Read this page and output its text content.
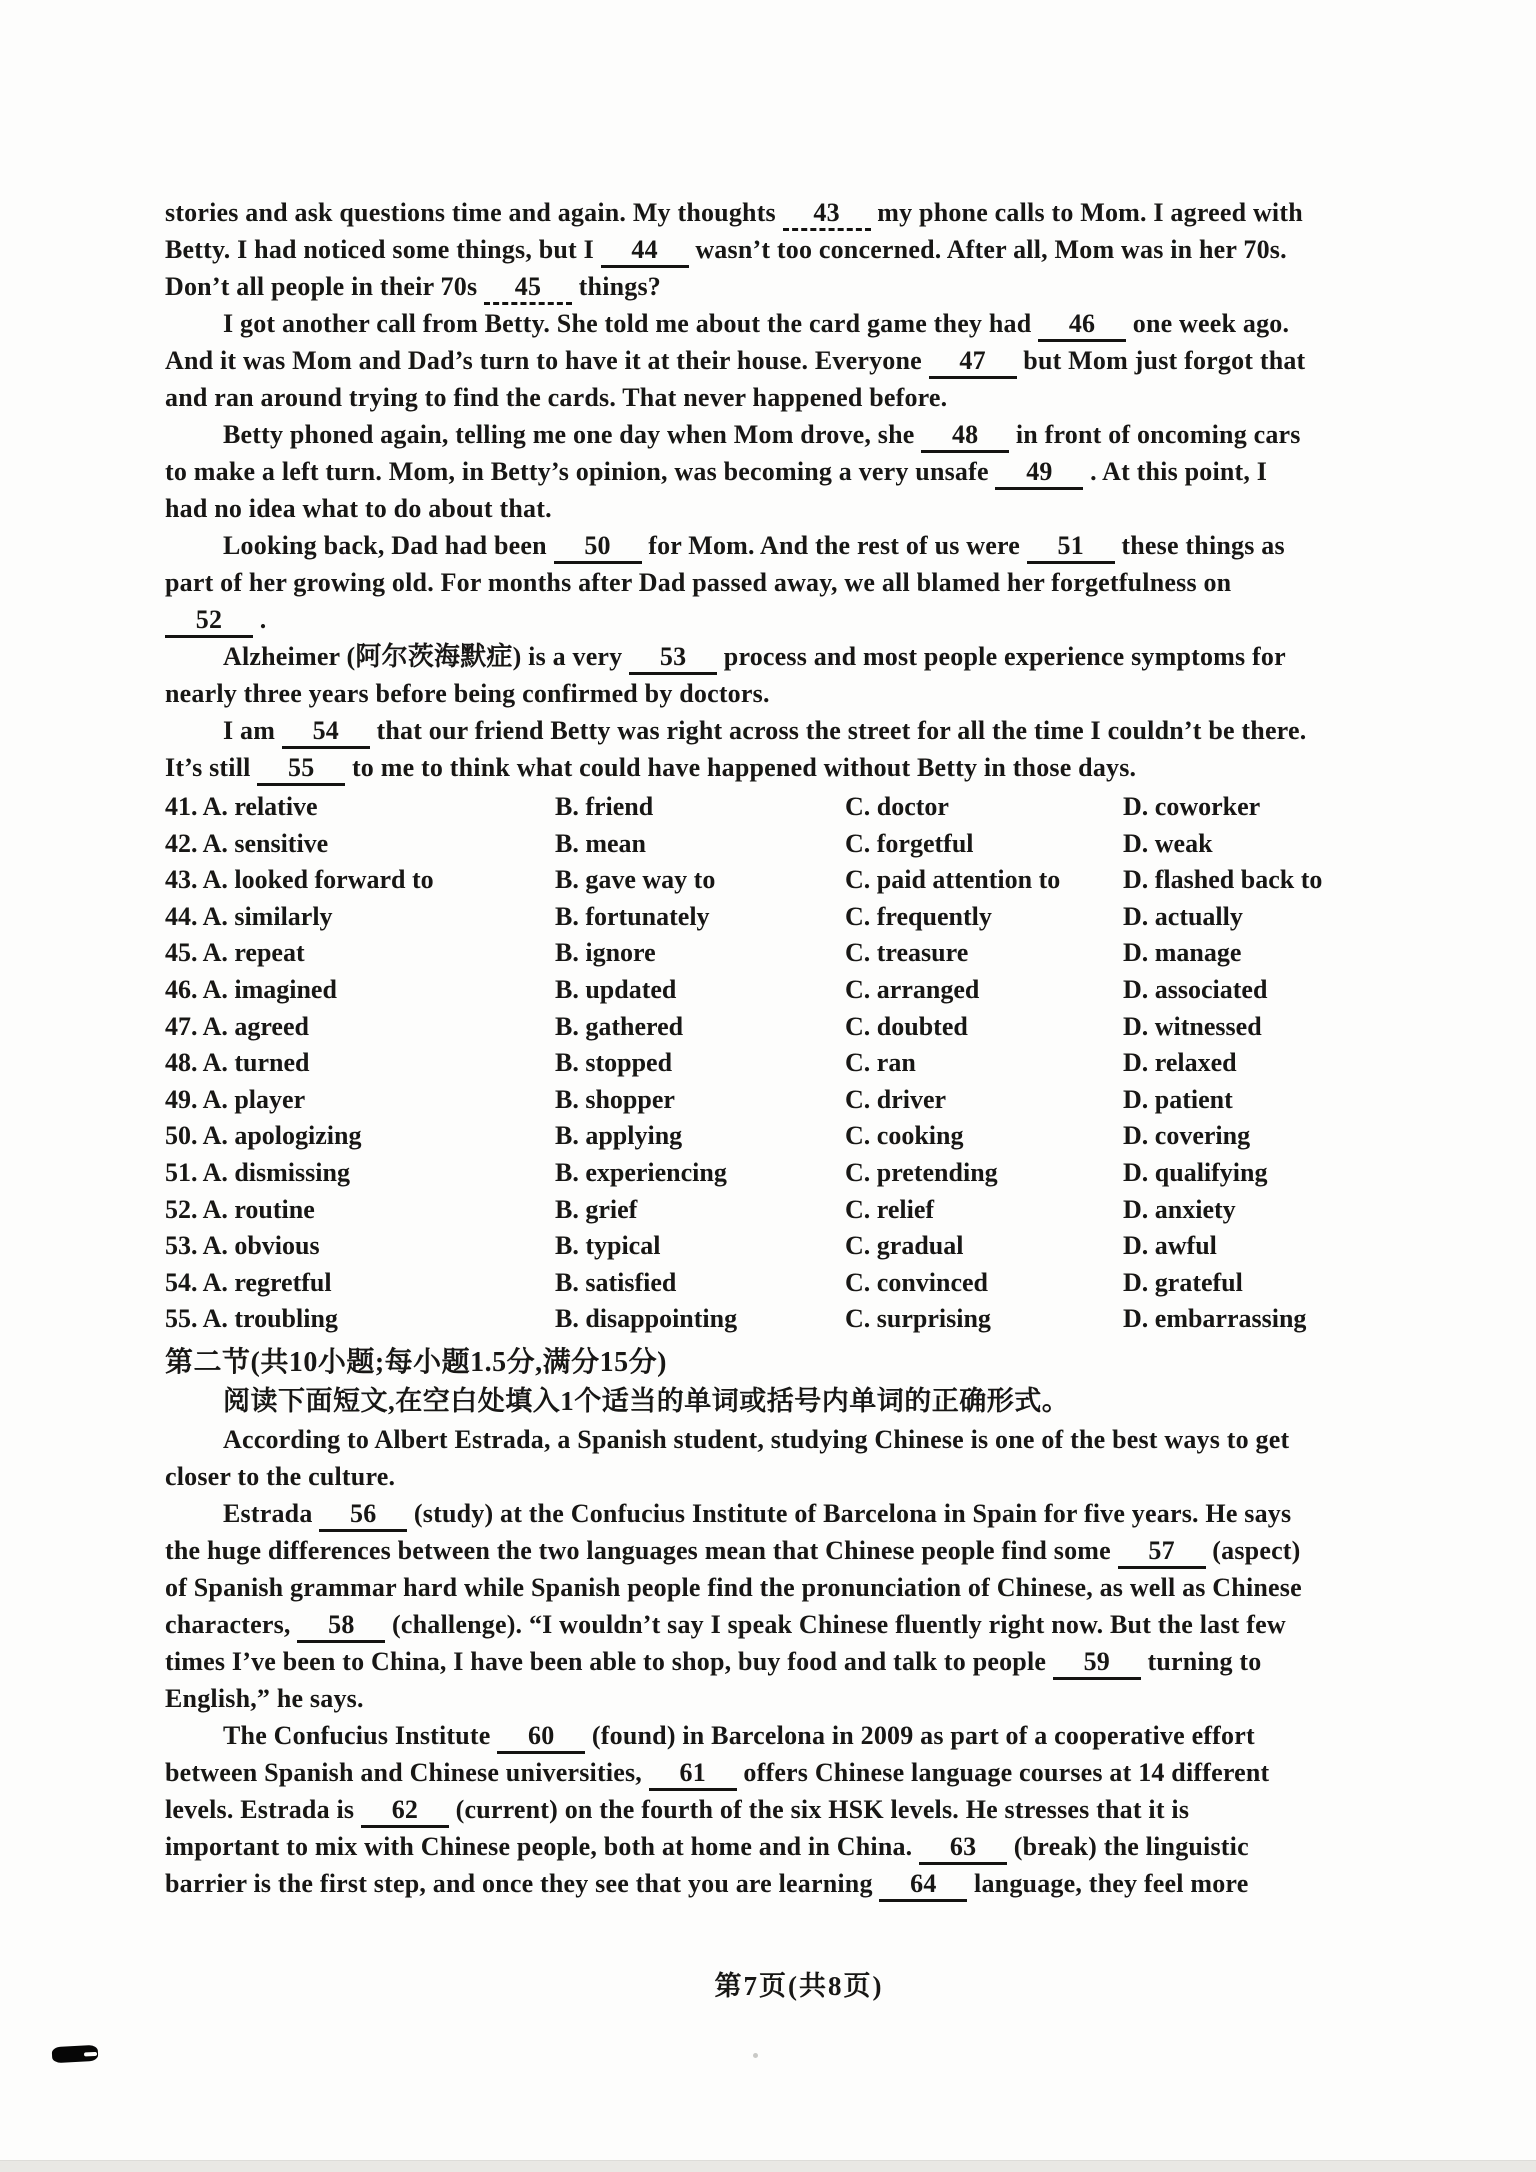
stories and ask questions time and again. My thoughts 43 my phone calls to Mom. I agreed with
Betty. I had noticed some things, but I 44 wasn’t too concerned. After all, Mom was in her 70s.
Don’t all people in their 70s 45 things?
I got another call from Betty. She told me about the card game they had 46 one week ago.
And it was Mom and Dad’s turn to have it at their house. Everyone 47 but Mom just forgot that
and ran around trying to find the cards. That never happened before.
Betty phoned again, telling me one day when Mom drove, she 48 in front of oncoming cars
to make a left turn. Mom, in Betty’s opinion, was becoming a very unsafe 49 . At this point, I
had no idea what to do about that.
Looking back, Dad had been 50 for Mom. And the rest of us were 51 these things as
part of her growing old. For months after Dad passed away, we all blamed her forgetfulness on
52 .
Alzheimer (阿尔茨海默症) is a very 53 process and most people experience symptoms for
nearly three years before being confirmed by doctors.
I am 54 that our friend Betty was right across the street for all the time I couldn’t be there.
It’s still 55 to me to think what could have happened without Betty in those days.
41. A. relative	B. friend	C. doctor	D. coworker
42. A. sensitive	B. mean	C. forgetful	D. weak
43. A. looked forward to	B. gave way to	C. paid attention to	D. flashed back to
44. A. similarly	B. fortunately	C. frequently	D. actually
45. A. repeat	B. ignore	C. treasure	D. manage
46. A. imagined	B. updated	C. arranged	D. associated
47. A. agreed	B. gathered	C. doubted	D. witnessed
48. A. turned	B. stopped	C. ran	D. relaxed
49. A. player	B. shopper	C. driver	D. patient
50. A. apologizing	B. applying	C. cooking	D. covering
51. A. dismissing	B. experiencing	C. pretending	D. qualifying
52. A. routine	B. grief	C. relief	D. anxiety
53. A. obvious	B. typical	C. gradual	D. awful
54. A. regretful	B. satisfied	C. convinced	D. grateful
55. A. troubling	B. disappointing	C. surprising	D. embarrassing
第二节(共10小题;每小题1.5分,满分15分)
阅读下面短文,在空白处填入1个适当的单词或括号内单词的正确形式。
According to Albert Estrada, a Spanish student, studying Chinese is one of the best ways to get
closer to the culture.
Estrada 56 (study) at the Confucius Institute of Barcelona in Spain for five years. He says
the huge differences between the two languages mean that Chinese people find some 57 (aspect)
of Spanish grammar hard while Spanish people find the pronunciation of Chinese, as well as Chinese
characters, 58 (challenge). “I wouldn’t say I speak Chinese fluently right now. But the last few
times I’ve been to China, I have been able to shop, buy food and talk to people 59 turning to
English,” he says.
The Confucius Institute 60 (found) in Barcelona in 2009 as part of a cooperative effort
between Spanish and Chinese universities, 61 offers Chinese language courses at 14 different
levels. Estrada is 62 (current) on the fourth of the six HSK levels. He stresses that it is
important to mix with Chinese people, both at home and in China. 63 (break) the linguistic
barrier is the first step, and once they see that you are learning 64 language, they feel more
第7页(共8页)
